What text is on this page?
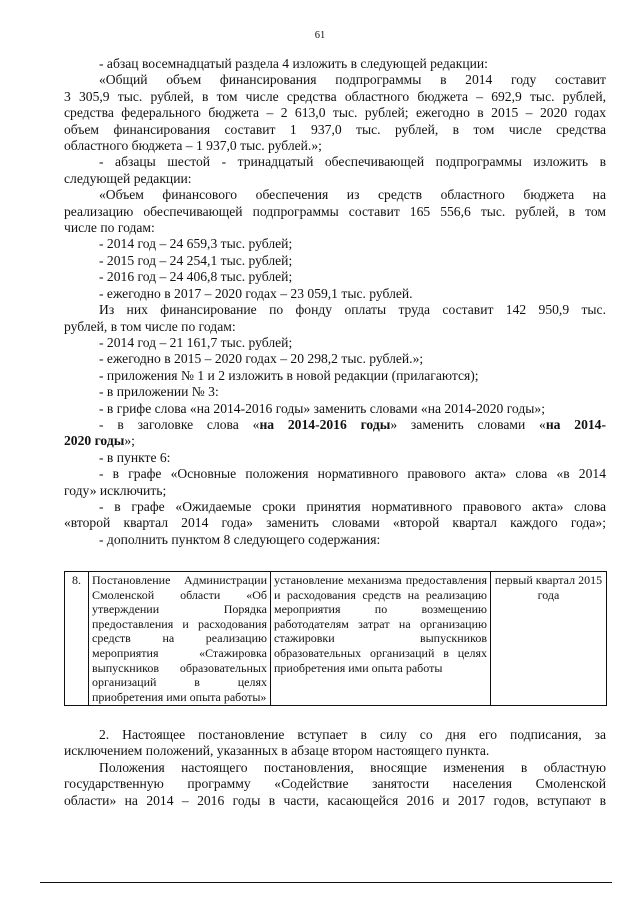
61

- абзац восемнадцатый раздела 4 изложить в следующей редакции:

«Общий объем финансирования подпрограммы в 2014 году составит

3 305,9 тыс. рублей, в том числе средства областного бюджета – 692,9 тыс. рублей,

средства федерального бюджета – 2 613,0 тыс. рублей; ежегодно в 2015 – 2020 годах

объем финансирования составит 1 937,0 тыс. рублей, в том числе средства

областного бюджета – 1 937,0 тыс. рублей.»;

- абзацы шестой - тринадцатый обеспечивающей подпрограммы изложить в

следующей редакции:

«Объем финансового обеспечения из средств областного бюджета на

реализацию обеспечивающей подпрограммы составит 165 556,6 тыс. рублей, в том

числе по годам:

- 2014 год – 24 659,3 тыс. рублей;

- 2015 год – 24 254,1 тыс. рублей;

- 2016 год – 24 406,8 тыс. рублей;

- ежегодно в 2017 – 2020 годах – 23 059,1 тыс. рублей.

Из них финансирование по фонду оплаты труда составит 142 950,9 тыс.

рублей, в том числе по годам:

- 2014 год – 21 161,7 тыс. рублей;

- ежегодно в 2015 – 2020 годах – 20 298,2 тыс. рублей.»;

- приложения № 1 и 2 изложить в новой редакции (прилагаются);

- в приложении № 3:

- в грифе слова «на 2014-2016 годы» заменить словами «на 2014-2020 годы»;

- в заголовке слова «на 2014-2016 годы» заменить словами «на 2014-

2020 годы»;

- в пункте 6:

- в графе «Основные положения нормативного правового акта» слова «в 2014

году» исключить;

- в графе «Ожидаемые сроки принятия нормативного правового акта» слова

«второй квартал 2014 года» заменить словами «второй квартал каждого года»;

- дополнить пунктом 8 следующего содержания:

8.	Постановление Администрации Смоленской области «Об утверждении Порядка предоставления и расходования средств на реализацию мероприятия «Стажировка выпускников образовательных организаций в целях приобретения ими опыта работы»	установление механизма предоставления и расходования средств на реализацию мероприятия по возмещению работодателям затрат на организацию стажировки выпускников образовательных организаций в целях приобретения ими опыта работы	первый квартал 2015 года

2. Настоящее постановление вступает в силу со дня его подписания, за

исключением положений, указанных в абзаце втором настоящего пункта.

Положения настоящего постановления, вносящие изменения в областную

государственную программу «Содействие занятости населения Смоленской

области» на 2014 – 2016 годы в части, касающейся 2016 и 2017 годов, вступают в
